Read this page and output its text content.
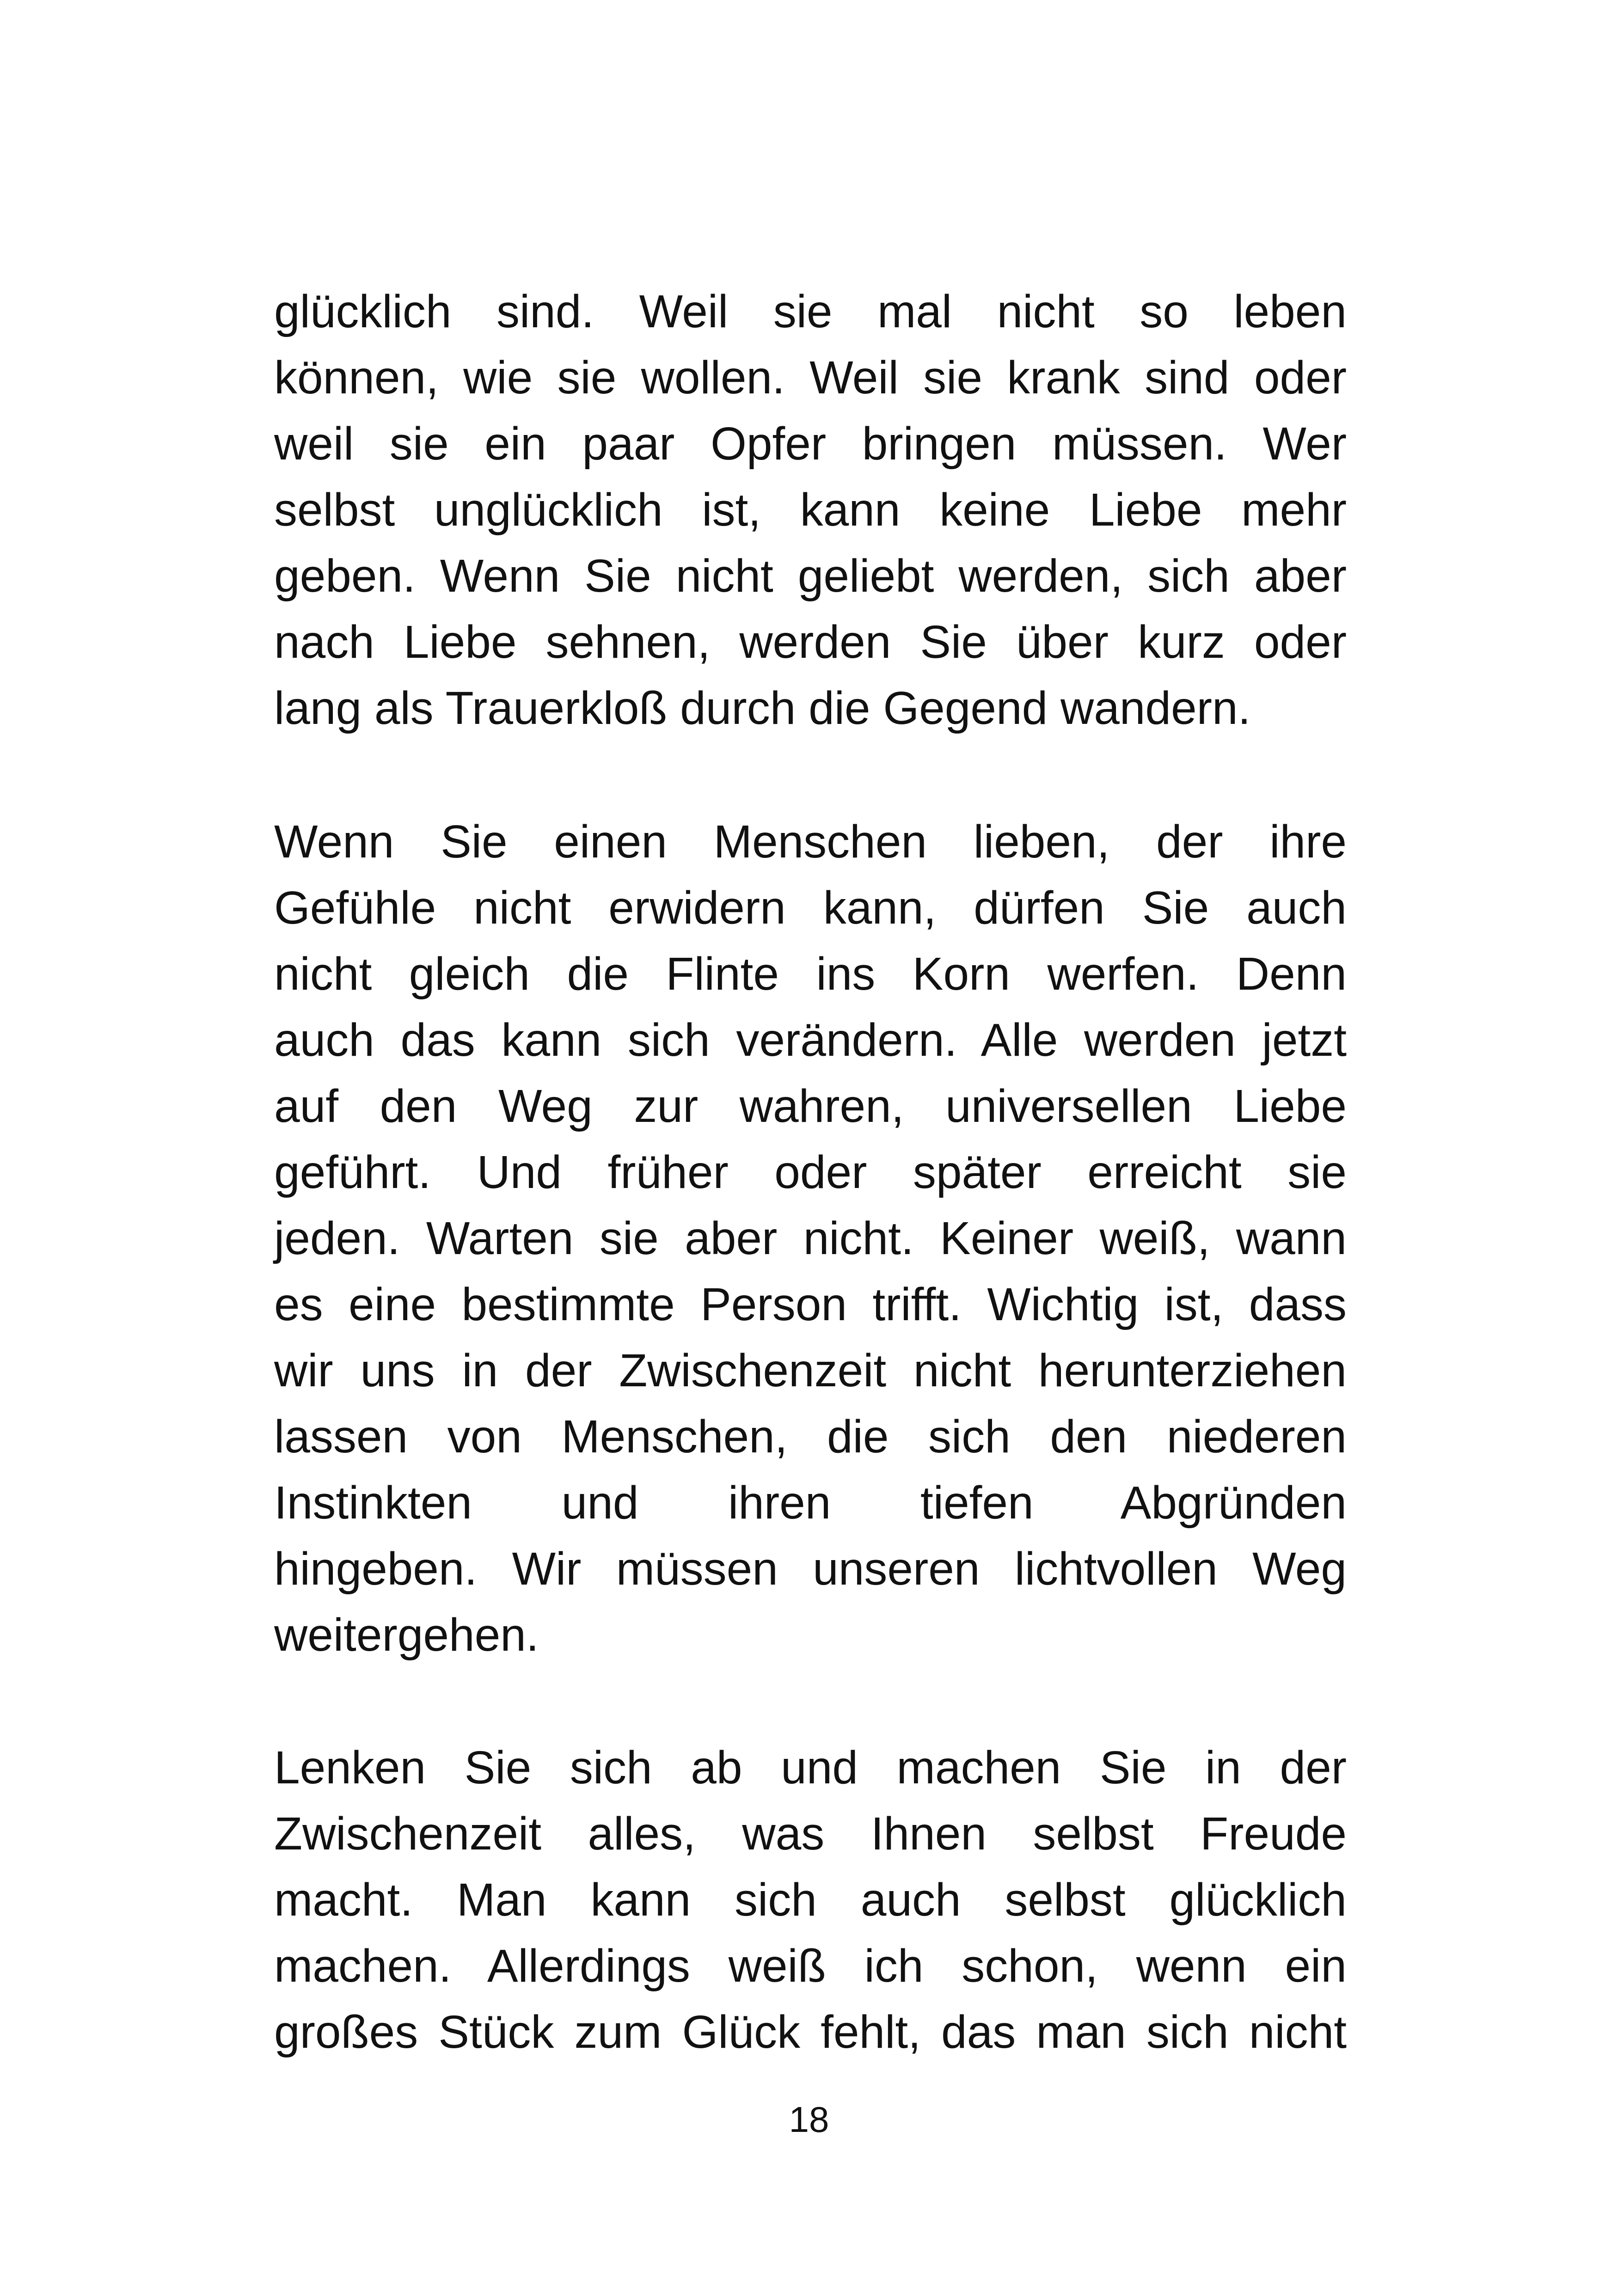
glücklich sind. Weil sie mal nicht so leben
können, wie sie wollen. Weil sie krank sind oder
weil sie ein paar Opfer bringen müssen. Wer
selbst unglücklich ist, kann keine Liebe mehr
geben. Wenn Sie nicht geliebt werden, sich aber
nach Liebe sehnen, werden Sie über kurz oder
lang als Trauerkloß durch die Gegend wandern.
Wenn Sie einen Menschen lieben, der ihre
Gefühle nicht erwidern kann, dürfen Sie auch
nicht gleich die Flinte ins Korn werfen. Denn
auch das kann sich verändern. Alle werden jetzt
auf den Weg zur wahren, universellen Liebe
geführt. Und früher oder später erreicht sie
jeden. Warten sie aber nicht. Keiner weiß, wann
es eine bestimmte Person trifft. Wichtig ist, dass
wir uns in der Zwischenzeit nicht herunterziehen
lassen von Menschen, die sich den niederen
Instinkten und ihren tiefen Abgründen
hingeben. Wir müssen unseren lichtvollen Weg
weitergehen.
Lenken Sie sich ab und machen Sie in der
Zwischenzeit alles, was Ihnen selbst Freude
macht. Man kann sich auch selbst glücklich
machen. Allerdings weiß ich schon, wenn ein
großes Stück zum Glück fehlt, das man sich nicht
18
